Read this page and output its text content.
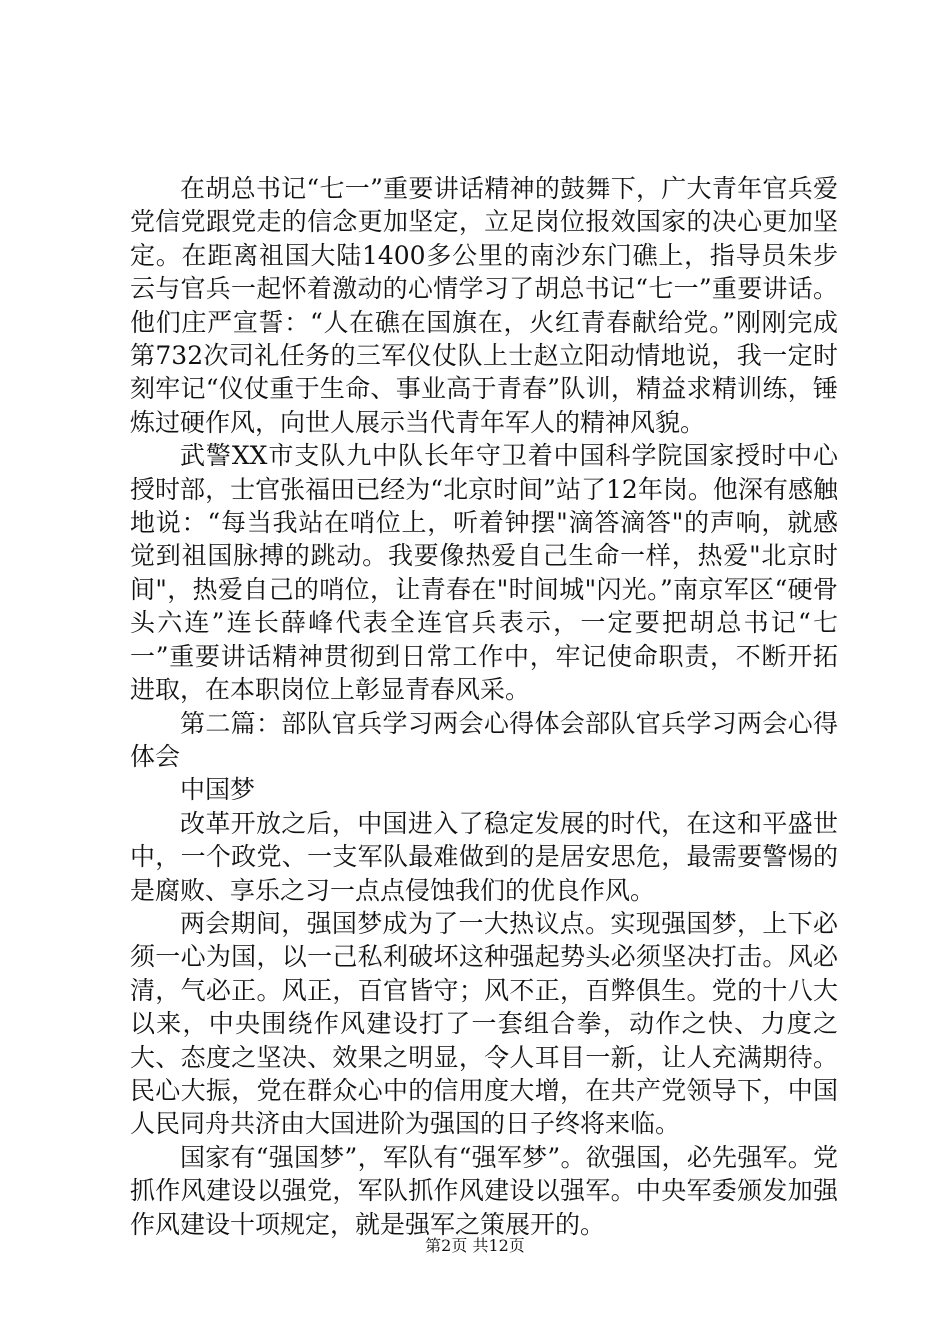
在胡总书记“七一”重要讲话精神的鼓舞下，广大青年官兵爱党信党跟党走的信念更加坚定，立足岗位报效国家的决心更加坚定。在距离祖国大陆1400多公里的南沙东门礁上，指导员朱步云与官兵一起怀着激动的心情学习了胡总书记“七一”重要讲话。他们庄严宣誓：“人在礁在国旗在，火红青春献给党。”刚刚完成第732次司礼任务的三军仪仗队上士赵立阳动情地说，我一定时刻牢记“仪仗重于生命、事业高于青春”队训，精益求精训练，锤炼过硬作风，向世人展示当代青年军人的精神风貌。

武警XX市支队九中队长年守卫着中国科学院国家授时中心授时部，士官张福田已经为“北京时间”站了12年岗。他深有感触地说：“每当我站在哨位上，听着钟摆"滴答滴答"的声响，就感觉到祖国脉搏的跳动。我要像热爱自己生命一样，热爱"北京时间"，热爱自己的哨位，让青春在"时间城"闪光。”南京军区“硬骨头六连”连长薛峰代表全连官兵表示，一定要把胡总书记“七一”重要讲话精神贯彻到日常工作中，牢记使命职责，不断开拓进取，在本职岗位上彰显青春风采。

第二篇：部队官兵学习两会心得体会部队官兵学习两会心得体会

中国梦

改革开放之后，中国进入了稳定发展的时代，在这和平盛世中，一个政党、一支军队最难做到的是居安思危，最需要警惕的是腐败、享乐之习一点点侵蚀我们的优良作风。

两会期间，强国梦成为了一大热议点。实现强国梦，上下必须一心为国，以一己私利破坏这种强起势头必须坚决打击。风必清，气必正。风正，百官皆守；风不正，百弊俱生。党的十八大以来，中央围绕作风建设打了一套组合拳，动作之快、力度之大、态度之坚决、效果之明显，令人耳目一新，让人充满期待。民心大振，党在群众心中的信用度大增，在共产党领导下，中国人民同舟共济由大国进阶为强国的日子终将来临。

国家有“强国梦”，军队有“强军梦”。欲强国，必先强军。党抓作风建设以强党，军队抓作风建设以强军。中央军委颁发加强作风建设十项规定，就是强军之策展开的。

第2页 共12页
